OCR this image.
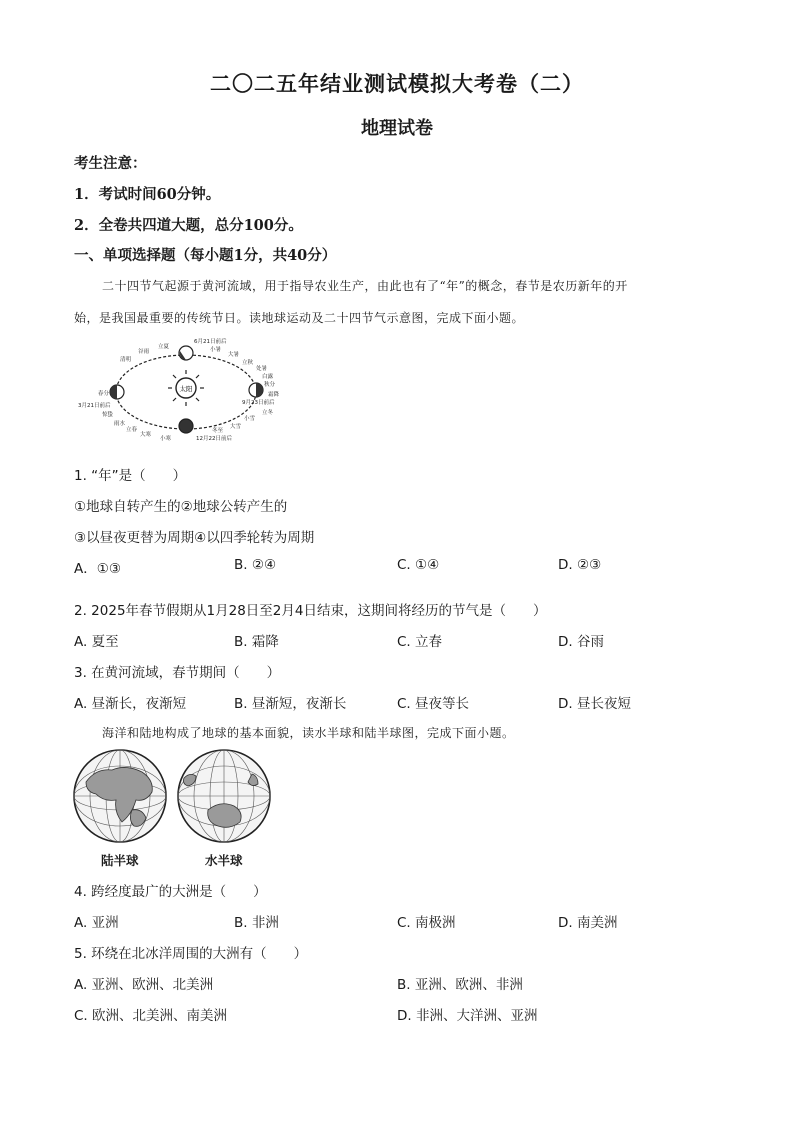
二〇二五年结业测试模拟大考卷（二）
地理试卷
考生注意：
1．考试时间60分钟。
2．全卷共四道大题，总分100分。
一、单项选择题（每小题1分，共40分）
二十四节气起源于黄河流域，用于指导农业生产，由此也有了“年”的概念，春节是农历新年的开
始，是我国最重要的传统节日。读地球运动及二十四节气示意图，完成下面小题。
太阳
6月21日前后
小暑
大暑
立秋
立夏
谷雨
清明
春分
3月21日前后
惊蛰
雨水
立春
大寒
小寒	12月22日前后
冬至
大雪
小雪
立冬
霜降
9月23日前后
秋分
白露
处暑
1. “年”是（　　）
①地球自转产生的②地球公转产生的
③以昼夜更替为周期④以四季轮转为周期
A．①③	B. ②④	C. ①④	D. ②③
2. 2025年春节假期从1月28日至2月4日结束，这期间将经历的节气是（　　）
A. 夏至	B. 霜降	C. 立春	D. 谷雨
3. 在黄河流域，春节期间（　　）
A. 昼渐长，夜渐短	B. 昼渐短，夜渐长	C. 昼夜等长	D. 昼长夜短
海洋和陆地构成了地球的基本面貌，读水半球和陆半球图，完成下面小题。
陆半球	水半球
4. 跨经度最广的大洲是（　　）
A. 亚洲	B. 非洲	C. 南极洲	D. 南美洲
5. 环绕在北冰洋周围的大洲有（　　）
A. 亚洲、欧洲、北美洲	B. 亚洲、欧洲、非洲
C. 欧洲、北美洲、南美洲	D. 非洲、大洋洲、亚洲
